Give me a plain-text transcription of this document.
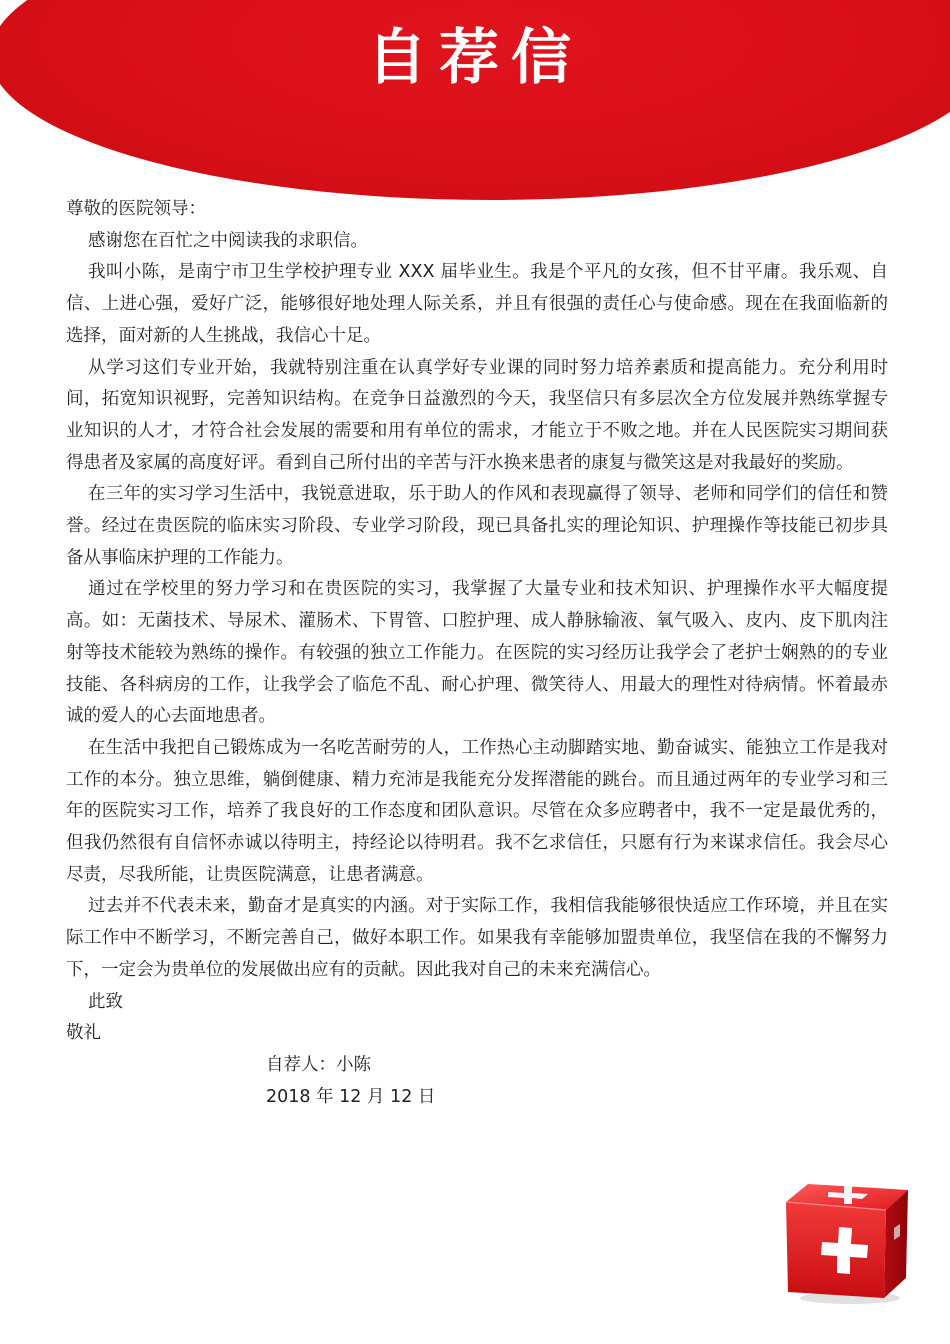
自荐信

尊敬的医院领导：

感谢您在百忙之中阅读我的求职信。

我叫小陈，是南宁市卫生学校护理专业 XXX 届毕业生。我是个平凡的女孩，但不甘平庸。我乐观、自信、上进心强，爱好广泛，能够很好地处理人际关系，并且有很强的责任心与使命感。现在在我面临新的选择，面对新的人生挑战，我信心十足。

从学习这们专业开始，我就特别注重在认真学好专业课的同时努力培养素质和提高能力。充分利用时间，拓宽知识视野，完善知识结构。在竞争日益激烈的今天，我坚信只有多层次全方位发展并熟练掌握专业知识的人才，才符合社会发展的需要和用有单位的需求，才能立于不败之地。并在人民医院实习期间获得患者及家属的高度好评。看到自己所付出的辛苦与汗水换来患者的康复与微笑这是对我最好的奖励。

在三年的实习学习生活中，我锐意进取，乐于助人的作风和表现赢得了领导、老师和同学们的信任和赞誉。经过在贵医院的临床实习阶段、专业学习阶段，现已具备扎实的理论知识、护理操作等技能已初步具备从事临床护理的工作能力。

通过在学校里的努力学习和在贵医院的实习，我掌握了大量专业和技术知识、护理操作水平大幅度提高。如：无菌技术、导尿术、灌肠术、下胃管、口腔护理、成人静脉输液、氧气吸入、皮内、皮下肌肉注射等技术能较为熟练的操作。有较强的独立工作能力。在医院的实习经历让我学会了老护士娴熟的的专业技能、各科病房的工作，让我学会了临危不乱、耐心护理、微笑待人、用最大的理性对待病情。怀着最赤诚的爱人的心去面地患者。

在生活中我把自己锻炼成为一名吃苦耐劳的人，工作热心主动脚踏实地、勤奋诚实、能独立工作是我对工作的本分。独立思维，躺倒健康、精力充沛是我能充分发挥潜能的跳台。而且通过两年的专业学习和三年的医院实习工作，培养了我良好的工作态度和团队意识。尽管在众多应聘者中，我不一定是最优秀的，但我仍然很有自信怀赤诚以待明主，持经论以待明君。我不乞求信任，只愿有行为来谋求信任。我会尽心尽责，尽我所能，让贵医院满意，让患者满意。

过去并不代表未来，勤奋才是真实的内涵。对于实际工作，我相信我能够很快适应工作环境，并且在实际工作中不断学习，不断完善自己，做好本职工作。如果我有幸能够加盟贵单位，我坚信在我的不懈努力下，一定会为贵单位的发展做出应有的贡献。因此我对自己的未来充满信心。

此致

敬礼

自荐人：小陈

2018 年 12 月 12 日
